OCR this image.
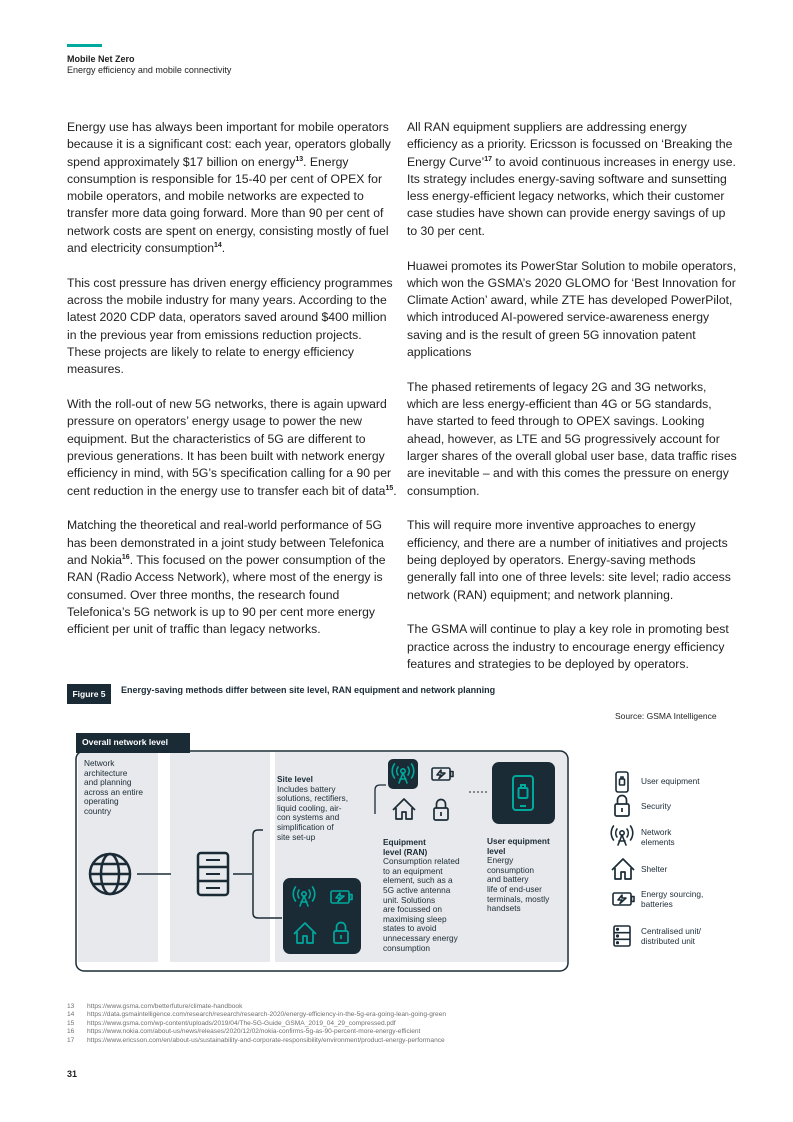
Mobile Net Zero
Energy efficiency and mobile connectivity

Energy use has always been important for mobile operators because it is a significant cost: each year, operators globally spend approximately $17 billion on energy$^{13}$. Energy consumption is responsible for 15-40 per cent of OPEX for mobile operators, and mobile networks are expected to transfer more data going forward. More than 90 per cent of network costs are spent on energy, consisting mostly of fuel and electricity consumption$^{14}$.

This cost pressure has driven energy efficiency programmes across the mobile industry for many years. According to the latest 2020 CDP data, operators saved around $400 million in the previous year from emissions reduction projects. These projects are likely to relate to energy efficiency measures.

With the roll-out of new 5G networks, there is again upward pressure on operators’ energy usage to power the new equipment. But the characteristics of 5G are different to previous generations. It has been built with network energy efficiency in mind, with 5G’s specification calling for a 90 per cent reduction in the energy use to transfer each bit of data$^{15}$.

Matching the theoretical and real-world performance of 5G has been demonstrated in a joint study between Telefonica and Nokia$^{16}$. This focused on the power consumption of the RAN (Radio Access Network), where most of the energy is consumed. Over three months, the research found Telefonica’s 5G network is up to 90 per cent more energy efficient per unit of traffic than legacy networks.

All RAN equipment suppliers are addressing energy efficiency as a priority. Ericsson is focussed on ‘Breaking the Energy Curve’$^{17}$ to avoid continuous increases in energy use. Its strategy includes energy-saving software and sunsetting less energy-efficient legacy networks, which their customer case studies have shown can provide energy savings of up to 30 per cent.

Huawei promotes its PowerStar Solution to mobile operators, which won the GSMA’s 2020 GLOMO for ‘Best Innovation for Climate Action’ award, while ZTE has developed PowerPilot, which introduced AI-powered service-awareness energy saving and is the result of green 5G innovation patent applications

The phased retirements of legacy 2G and 3G networks, which are less energy-efficient than 4G or 5G standards, have started to feed through to OPEX savings. Looking ahead, however, as LTE and 5G progressively account for larger shares of the overall global user base, data traffic rises are inevitable – and with this comes the pressure on energy consumption.

This will require more inventive approaches to energy efficiency, and there are a number of initiatives and projects being deployed by operators. Energy-saving methods generally fall into one of three levels: site level; radio access network (RAN) equipment; and network planning.

The GSMA will continue to play a key role in promoting best practice across the industry to encourage energy efficiency features and strategies to be deployed by operators.

Figure 5	Energy-saving methods differ between site level, RAN equipment and network planning
Source: GSMA Intelligence
Overall network level
Network
architecture
and planning
across an entire
operating
country
Site level
Includes battery
solutions, rectifiers,
liquid cooling, air-
con systems and
simplification of
site set-up
Equipment
level (RAN)
Consumption related
to an equipment
element, such as a
5G active antenna
unit. Solutions
are focussed on
maximising sleep
states to avoid
unnecessary energy
consumption
User equipment
level
Energy
consumption
and battery
life of end-user
terminals, mostly
handsets
User equipment
Security
Network
elements
Shelter
Energy sourcing,
batteries
Centralised unit/
distributed unit
13 https://www.gsma.com/betterfuture/climate-handbook
14 https://data.gsmaintelligence.com/research/research/research-2020/energy-efficiency-in-the-5g-era-going-lean-going-green
15 https://www.gsma.com/wp-content/uploads/2019/04/The-5G-Guide_GSMA_2019_04_29_compressed.pdf
16 https://www.nokia.com/about-us/news/releases/2020/12/02/nokia-confirms-5g-as-90-percent-more-energy-efficient
17 https://www.ericsson.com/en/about-us/sustainability-and-corporate-responsibility/environment/product-energy-performance
31
